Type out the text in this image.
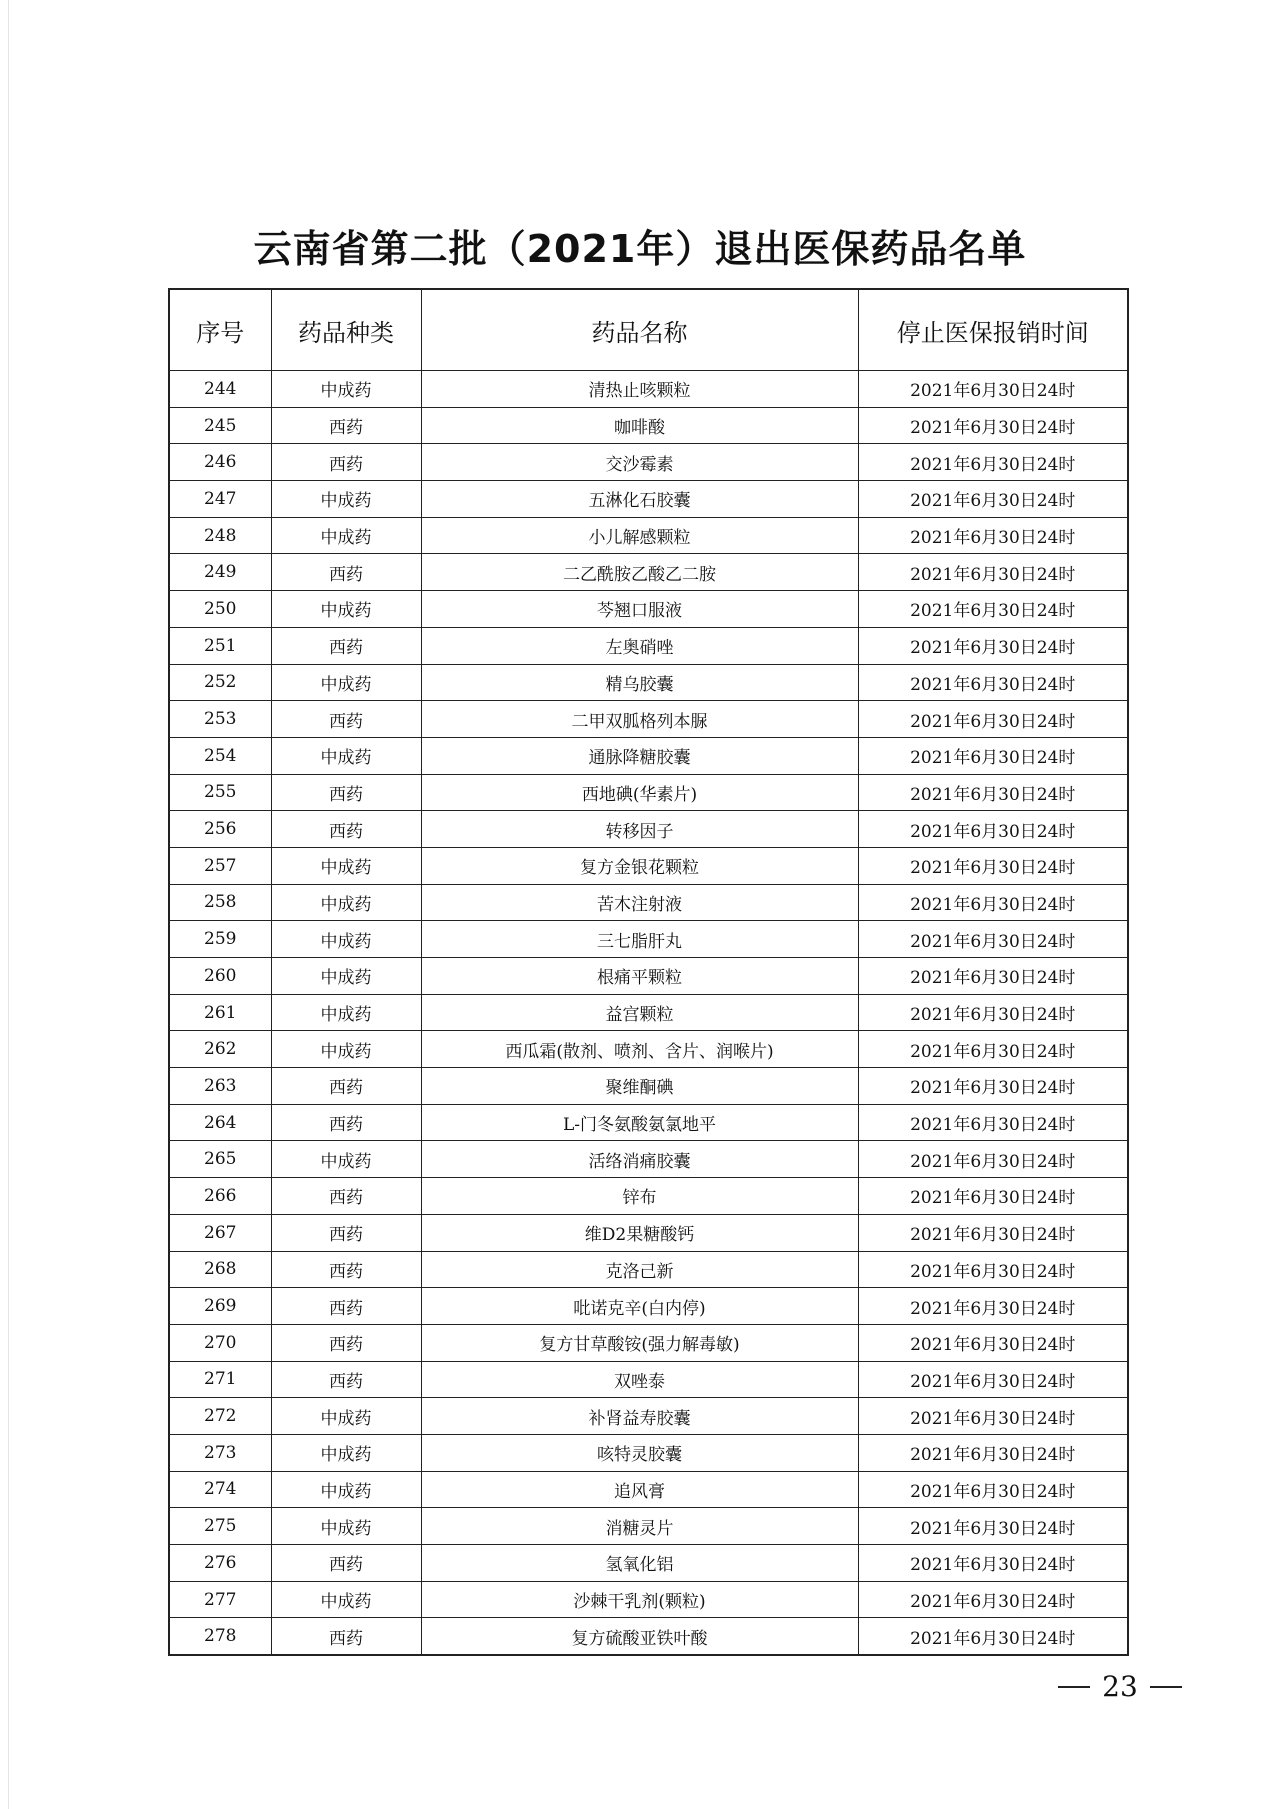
云南省第二批（2021年）退出医保药品名单
序号	药品种类	药品名称	停止医保报销时间
244	中成药	清热止咳颗粒	2021年6月30日24时
245	西药	咖啡酸	2021年6月30日24时
246	西药	交沙霉素	2021年6月30日24时
247	中成药	五淋化石胶囊	2021年6月30日24时
248	中成药	小儿解感颗粒	2021年6月30日24时
249	西药	二乙酰胺乙酸乙二胺	2021年6月30日24时
250	中成药	芩翘口服液	2021年6月30日24时
251	西药	左奥硝唑	2021年6月30日24时
252	中成药	精乌胶囊	2021年6月30日24时
253	西药	二甲双胍格列本脲	2021年6月30日24时
254	中成药	通脉降糖胶囊	2021年6月30日24时
255	西药	西地碘(华素片)	2021年6月30日24时
256	西药	转移因子	2021年6月30日24时
257	中成药	复方金银花颗粒	2021年6月30日24时
258	中成药	苦木注射液	2021年6月30日24时
259	中成药	三七脂肝丸	2021年6月30日24时
260	中成药	根痛平颗粒	2021年6月30日24时
261	中成药	益宫颗粒	2021年6月30日24时
262	中成药	西瓜霜(散剂、喷剂、含片、润喉片)	2021年6月30日24时
263	西药	聚维酮碘	2021年6月30日24时
264	西药	L-门冬氨酸氨氯地平	2021年6月30日24时
265	中成药	活络消痛胶囊	2021年6月30日24时
266	西药	锌布	2021年6月30日24时
267	西药	维D2果糖酸钙	2021年6月30日24时
268	西药	克洛己新	2021年6月30日24时
269	西药	吡诺克辛(白内停)	2021年6月30日24时
270	西药	复方甘草酸铵(强力解毒敏)	2021年6月30日24时
271	西药	双唑泰	2021年6月30日24时
272	中成药	补肾益寿胶囊	2021年6月30日24时
273	中成药	咳特灵胶囊	2021年6月30日24时
274	中成药	追风膏	2021年6月30日24时
275	中成药	消糖灵片	2021年6月30日24时
276	西药	氢氧化铝	2021年6月30日24时
277	中成药	沙棘干乳剂(颗粒)	2021年6月30日24时
278	西药	复方硫酸亚铁叶酸	2021年6月30日24时
23
